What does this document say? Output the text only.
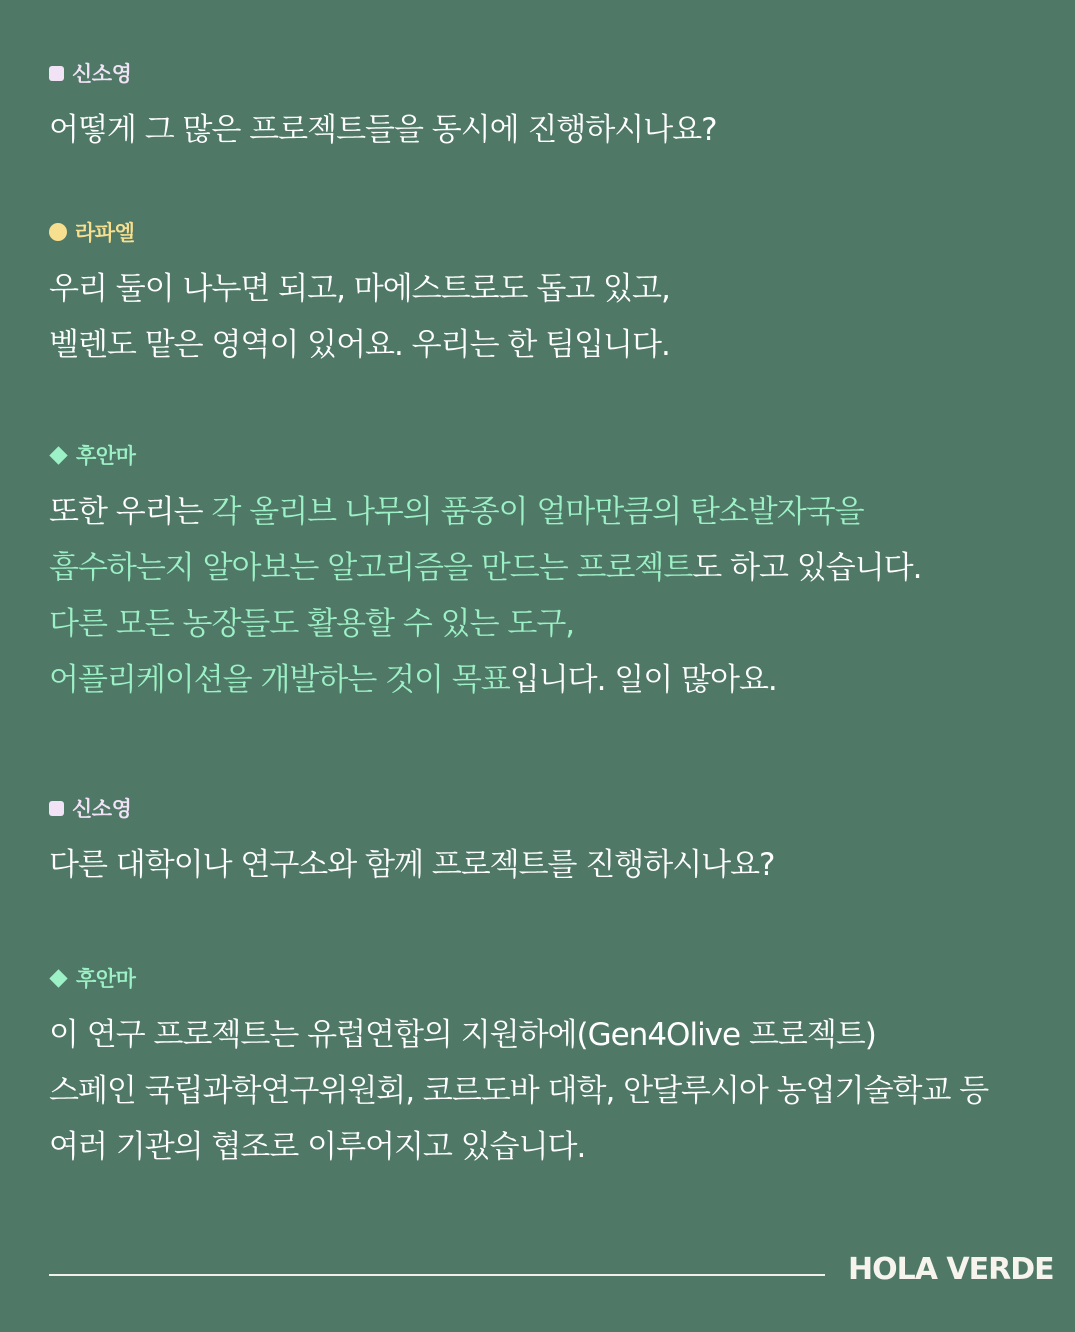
신소영

어떻게 그 많은 프로젝트들을 동시에 진행하시나요?

라파엘

우리 둘이 나누면 되고, 마에스트로도 돕고 있고,

벨렌도 맡은 영역이 있어요. 우리는 한 팀입니다.

후안마

또한 우리는 각 올리브 나무의 품종이 얼마만큼의 탄소발자국을

흡수하는지 알아보는 알고리즘을 만드는 프로젝트도 하고 있습니다.

다른 모든 농장들도 활용할 수 있는 도구,

어플리케이션을 개발하는 것이 목표입니다. 일이 많아요.

신소영

다른 대학이나 연구소와 함께 프로젝트를 진행하시나요?

후안마

이 연구 프로젝트는 유럽연합의 지원하에(Gen4Olive 프로젝트)

스페인 국립과학연구위원회, 코르도바 대학, 안달루시아 농업기술학교 등

여러 기관의 협조로 이루어지고 있습니다.

HOLA VERDE
